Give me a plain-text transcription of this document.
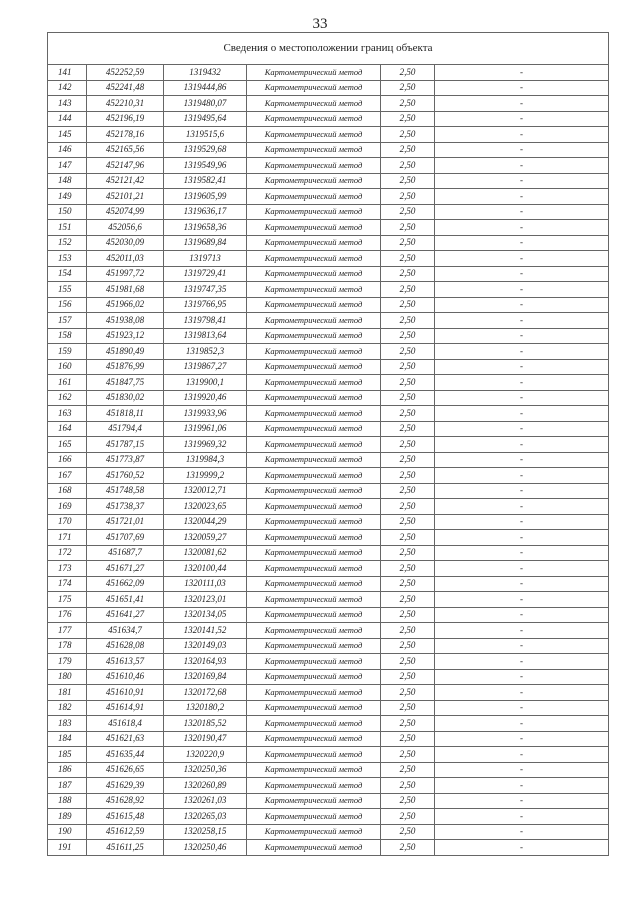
33
Сведения о местоположении границ объекта					
141	452252,59	1319432	Картометрический метод	2,50	-
142	452241,48	1319444,86	Картометрический метод	2,50	-
143	452210,31	1319480,07	Картометрический метод	2,50	-
144	452196,19	1319495,64	Картометрический метод	2,50	-
145	452178,16	1319515,6	Картометрический метод	2,50	-
146	452165,56	1319529,68	Картометрический метод	2,50	-
147	452147,96	1319549,96	Картометрический метод	2,50	-
148	452121,42	1319582,41	Картометрический метод	2,50	-
149	452101,21	1319605,99	Картометрический метод	2,50	-
150	452074,99	1319636,17	Картометрический метод	2,50	-
151	452056,6	1319658,36	Картометрический метод	2,50	-
152	452030,09	1319689,84	Картометрический метод	2,50	-
153	452011,03	1319713	Картометрический метод	2,50	-
154	451997,72	1319729,41	Картометрический метод	2,50	-
155	451981,68	1319747,35	Картометрический метод	2,50	-
156	451966,02	1319766,95	Картометрический метод	2,50	-
157	451938,08	1319798,41	Картометрический метод	2,50	-
158	451923,12	1319813,64	Картометрический метод	2,50	-
159	451890,49	1319852,3	Картометрический метод	2,50	-
160	451876,99	1319867,27	Картометрический метод	2,50	-
161	451847,75	1319900,1	Картометрический метод	2,50	-
162	451830,02	1319920,46	Картометрический метод	2,50	-
163	451818,11	1319933,96	Картометрический метод	2,50	-
164	451794,4	1319961,06	Картометрический метод	2,50	-
165	451787,15	1319969,32	Картометрический метод	2,50	-
166	451773,87	1319984,3	Картометрический метод	2,50	-
167	451760,52	1319999,2	Картометрический метод	2,50	-
168	451748,58	1320012,71	Картометрический метод	2,50	-
169	451738,37	1320023,65	Картометрический метод	2,50	-
170	451721,01	1320044,29	Картометрический метод	2,50	-
171	451707,69	1320059,27	Картометрический метод	2,50	-
172	451687,7	1320081,62	Картометрический метод	2,50	-
173	451671,27	1320100,44	Картометрический метод	2,50	-
174	451662,09	1320111,03	Картометрический метод	2,50	-
175	451651,41	1320123,01	Картометрический метод	2,50	-
176	451641,27	1320134,05	Картометрический метод	2,50	-
177	451634,7	1320141,52	Картометрический метод	2,50	-
178	451628,08	1320149,03	Картометрический метод	2,50	-
179	451613,57	1320164,93	Картометрический метод	2,50	-
180	451610,46	1320169,84	Картометрический метод	2,50	-
181	451610,91	1320172,68	Картометрический метод	2,50	-
182	451614,91	1320180,2	Картометрический метод	2,50	-
183	451618,4	1320185,52	Картометрический метод	2,50	-
184	451621,63	1320190,47	Картометрический метод	2,50	-
185	451635,44	1320220,9	Картометрический метод	2,50	-
186	451626,65	1320250,36	Картометрический метод	2,50	-
187	451629,39	1320260,89	Картометрический метод	2,50	-
188	451628,92	1320261,03	Картометрический метод	2,50	-
189	451615,48	1320265,03	Картометрический метод	2,50	-
190	451612,59	1320258,15	Картометрический метод	2,50	-
191	451611,25	1320250,46	Картометрический метод	2,50	-
